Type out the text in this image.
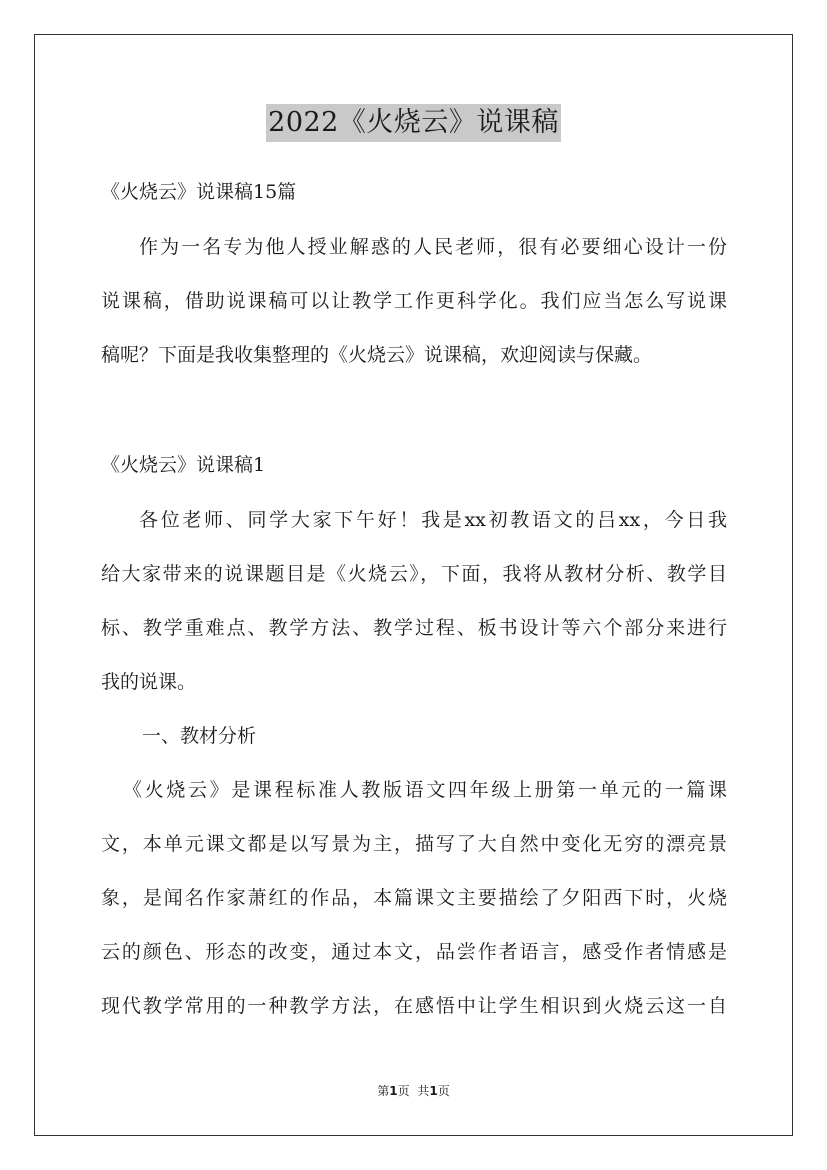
2022《火烧云》说课稿
《火烧云》说课稿15篇
作为一名专为他人授业解惑的人民老师，很有必要细心设计一份
说课稿，借助说课稿可以让教学工作更科学化。我们应当怎么写说课
稿呢？下面是我收集整理的《火烧云》说课稿，欢迎阅读与保藏。
《火烧云》说课稿1
各位老师、同学大家下午好！我是xx初教语文的吕xx，今日我
给大家带来的说课题目是《火烧云》，下面，我将从教材分析、教学目
标、教学重难点、教学方法、教学过程、板书设计等六个部分来进行
我的说课。
一、教材分析
《火烧云》是课程标准人教版语文四年级上册第一单元的一篇课
文，本单元课文都是以写景为主，描写了大自然中变化无穷的漂亮景
象，是闻名作家萧红的作品，本篇课文主要描绘了夕阳西下时，火烧
云的颜色、形态的改变，通过本文，品尝作者语言，感受作者情感是
现代教学常用的一种教学方法，在感悟中让学生相识到火烧云这一自
第1页 共1页
